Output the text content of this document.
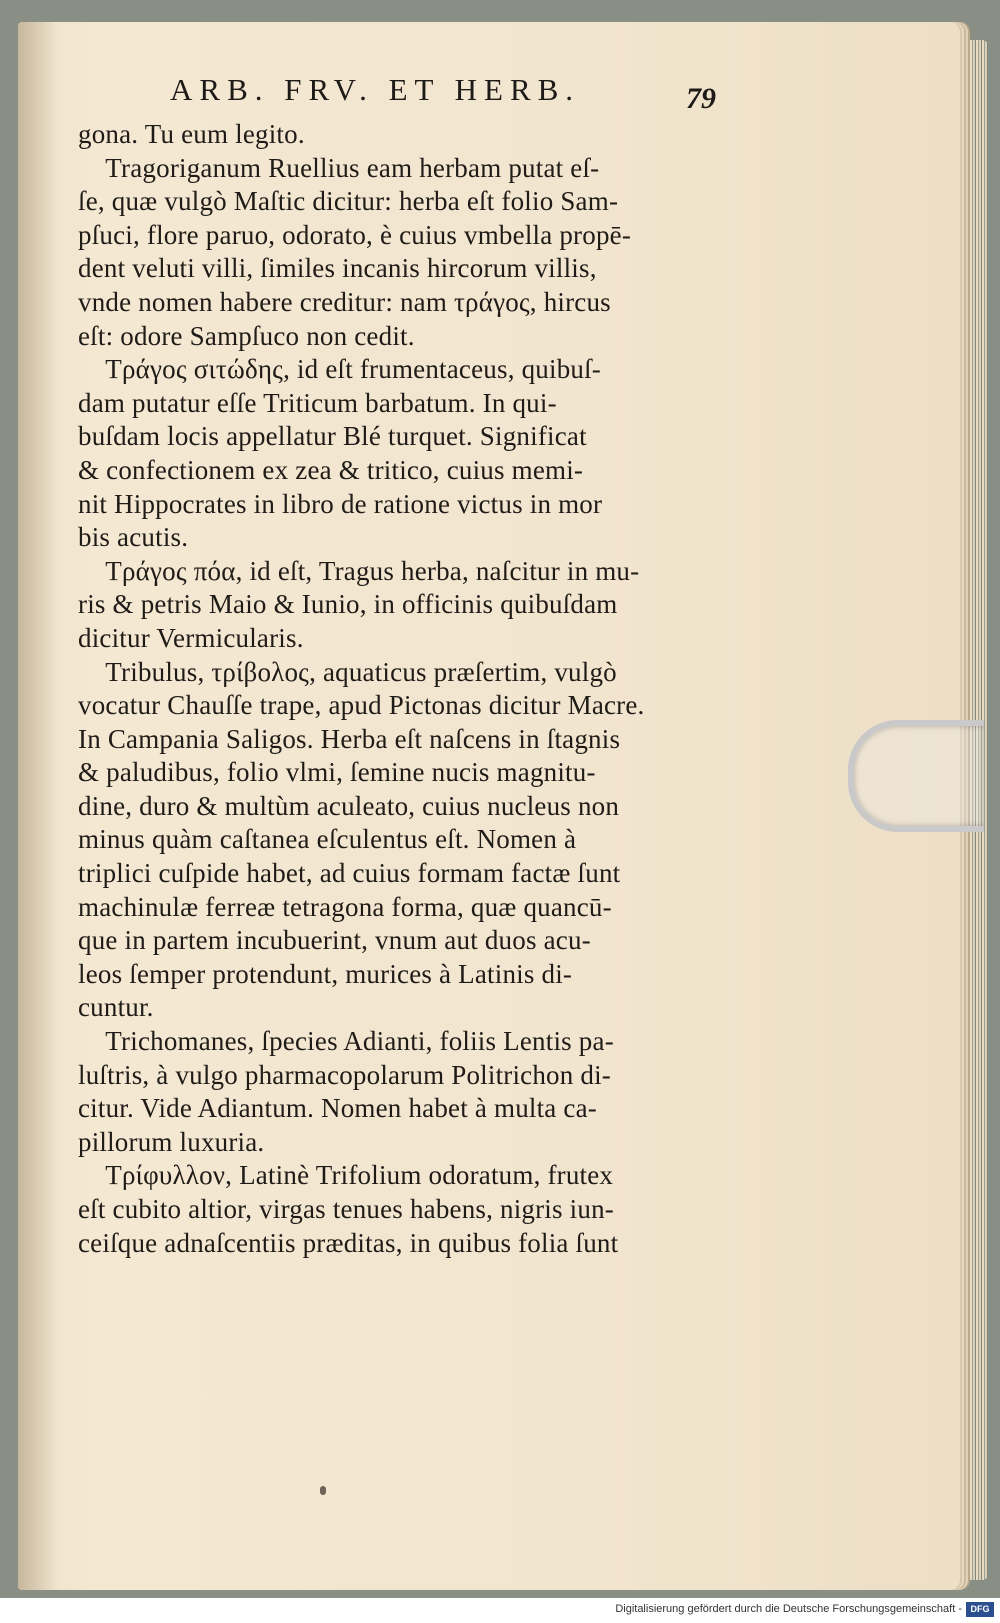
ARB. FRV. ET HERB.	79
gona. Tu eum legito.
Tragoriganum Ruellius eam herbam putat eſ-
ſe, quæ vulgò Maſtic dicitur: herba eſt folio Sam-
pſuci, flore paruo, odorato, è cuius vmbella propē-
dent veluti villi, ſimiles incanis hircorum villis,
vnde nomen habere creditur: nam τράγος, hircus
eſt: odore Sampſuco non cedit.
Τράγος σιτώδης, id eſt frumentaceus, quibuſ-
dam putatur eſſe Triticum barbatum. In qui-
buſdam locis appellatur Blé turquet. Significat
& confectionem ex zea & tritico, cuius memi-
nit Hippocrates in libro de ratione victus in mor
bis acutis.
Τράγος πόα, id eſt, Tragus herba, naſcitur in mu-
ris & petris Maio & Iunio, in officinis quibuſdam
dicitur Vermicularis.
Tribulus, τρίβολος, aquaticus præſertim, vulgò
vocatur Chauſſe trape, apud Pictonas dicitur Macre.
In Campania Saligos. Herba eſt naſcens in ſtagnis
& paludibus, folio vlmi, ſemine nucis magnitu-
dine, duro & multùm aculeato, cuius nucleus non
minus quàm caſtanea eſculentus eſt. Nomen à
triplici cuſpide habet, ad cuius formam factæ ſunt
machinulæ ferreæ tetragona forma, quæ quancū-
que in partem incubuerint, vnum aut duos acu-
leos ſemper protendunt, murices à Latinis di-
cuntur.
Trichomanes, ſpecies Adianti, foliis Lentis pa-
luſtris, à vulgo pharmacopolarum Politrichon di-
citur. Vide Adiantum. Nomen habet à multa ca-
pillorum luxuria.
Τρίφυλλον, Latinè Trifolium odoratum, frutex
eſt cubito altior, virgas tenues habens, nigris iun-
ceiſque adnaſcentiis præditas, in quibus folia ſunt
Digitalisierung gefördert durch die Deutsche Forschungsgemeinschaft - DFG
